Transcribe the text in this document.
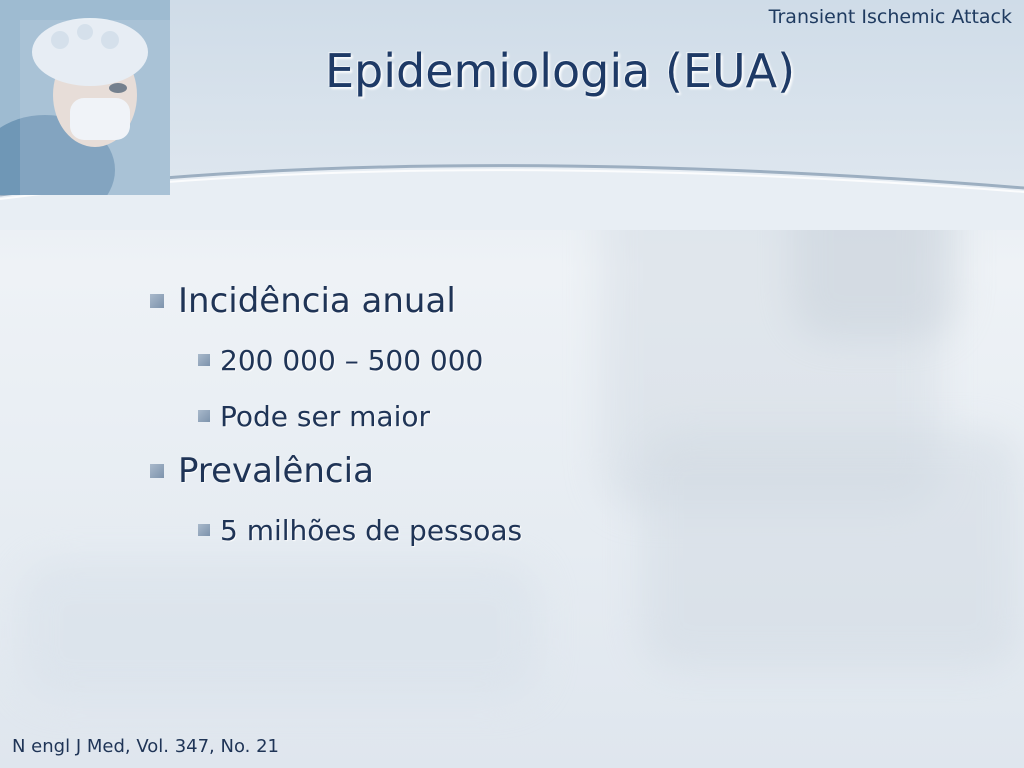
Transient Ischemic Attack
Epidemiologia (EUA)
Incidência anual
200 000 – 500 000
Pode ser maior
Prevalência
5 milhões de pessoas
N engl J Med, Vol. 347, No. 21
